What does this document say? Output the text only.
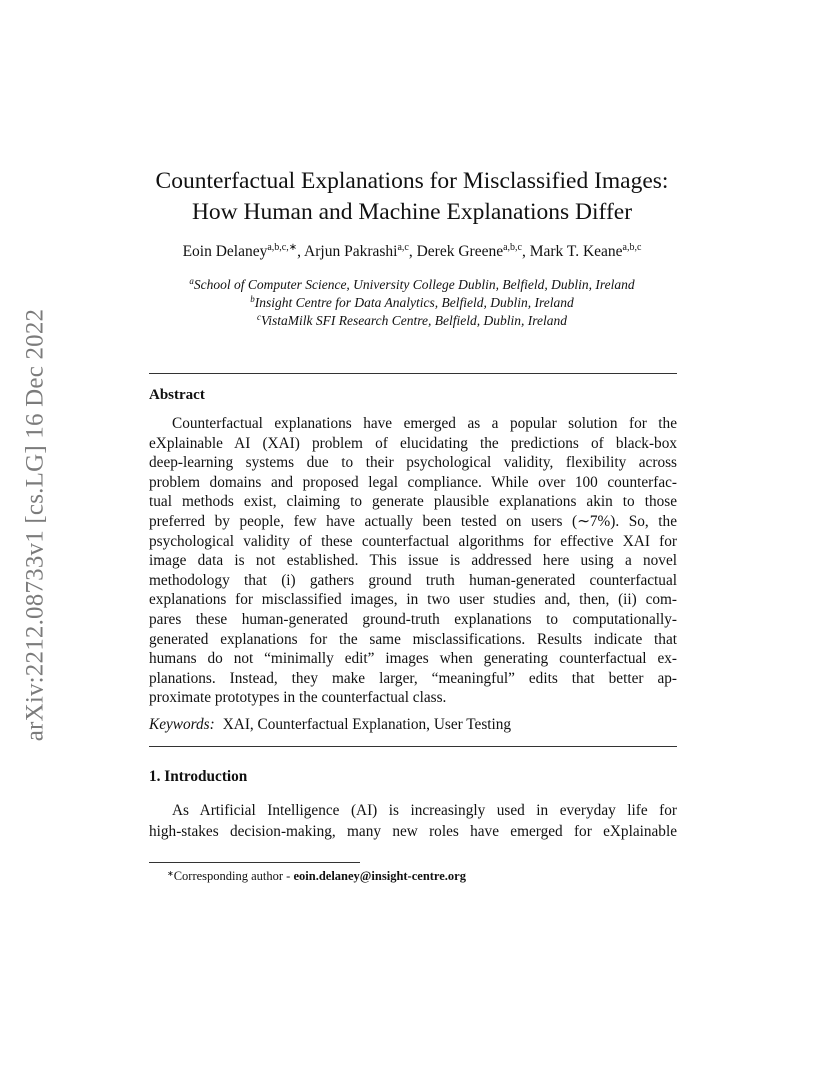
arXiv:2212.08733v1 [cs.LG] 16 Dec 2022
Counterfactual Explanations for Misclassified Images:
How Human and Machine Explanations Differ
Eoin Delaney$^{a,b,c,∗}$, Arjun Pakrashi$^{a,c}$, Derek Greene$^{a,b,c}$, Mark T. Keane$^{a,b,c}$
$^a$School of Computer Science, University College Dublin, Belfield, Dublin, Ireland
$^b$Insight Centre for Data Analytics, Belfield, Dublin, Ireland
$^c$VistaMilk SFI Research Centre, Belfield, Dublin, Ireland
Abstract
Counterfactual explanations have emerged as a popular solution for the
eXplainable AI (XAI) problem of elucidating the predictions of black-box
deep-learning systems due to their psychological validity, flexibility across
problem domains and proposed legal compliance. While over 100 counterfac-
tual methods exist, claiming to generate plausible explanations akin to those
preferred by people, few have actually been tested on users (∼7%). So, the
psychological validity of these counterfactual algorithms for effective XAI for
image data is not established. This issue is addressed here using a novel
methodology that (i) gathers ground truth human-generated counterfactual
explanations for misclassified images, in two user studies and, then, (ii) com-
pares these human-generated ground-truth explanations to computationally-
generated explanations for the same misclassifications. Results indicate that
humans do not “minimally edit” images when generating counterfactual ex-
planations. Instead, they make larger, “meaningful” edits that better ap-
proximate prototypes in the counterfactual class.
Keywords: XAI, Counterfactual Explanation, User Testing
1. Introduction
As Artificial Intelligence (AI) is increasingly used in everyday life for
high-stakes decision-making, many new roles have emerged for eXplainable
∗Corresponding author - eoin.delaney@insight-centre.org
